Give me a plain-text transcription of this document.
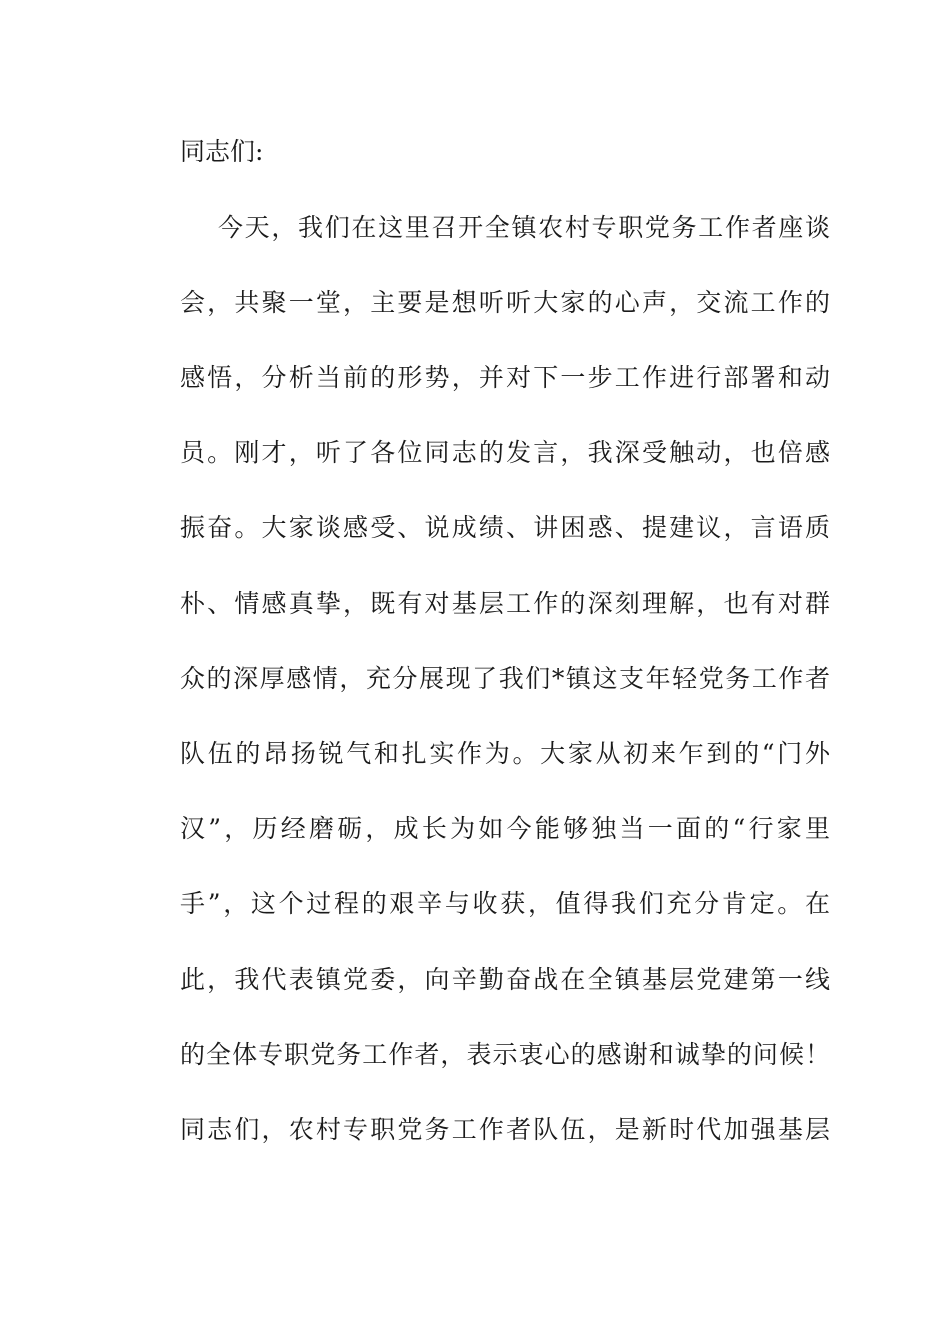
同志们:
今天，我们在这里召开全镇农村专职党务工作者座谈
会，共聚一堂，主要是想听听大家的心声，交流工作的
感悟，分析当前的形势，并对下一步工作进行部署和动
员。刚才，听了各位同志的发言，我深受触动，也倍感
振奋。大家谈感受、说成绩、讲困惑、提建议，言语质
朴、情感真挚，既有对基层工作的深刻理解，也有对群
众的深厚感情，充分展现了我们*镇这支年轻党务工作者
队伍的昂扬锐气和扎实作为。大家从初来乍到的“门外
汉”，历经磨砺，成长为如今能够独当一面的“行家里
手”，这个过程的艰辛与收获，值得我们充分肯定。在
此，我代表镇党委，向辛勤奋战在全镇基层党建第一线
的全体专职党务工作者，表示衷心的感谢和诚挚的问候！
同志们，农村专职党务工作者队伍，是新时代加强基层
